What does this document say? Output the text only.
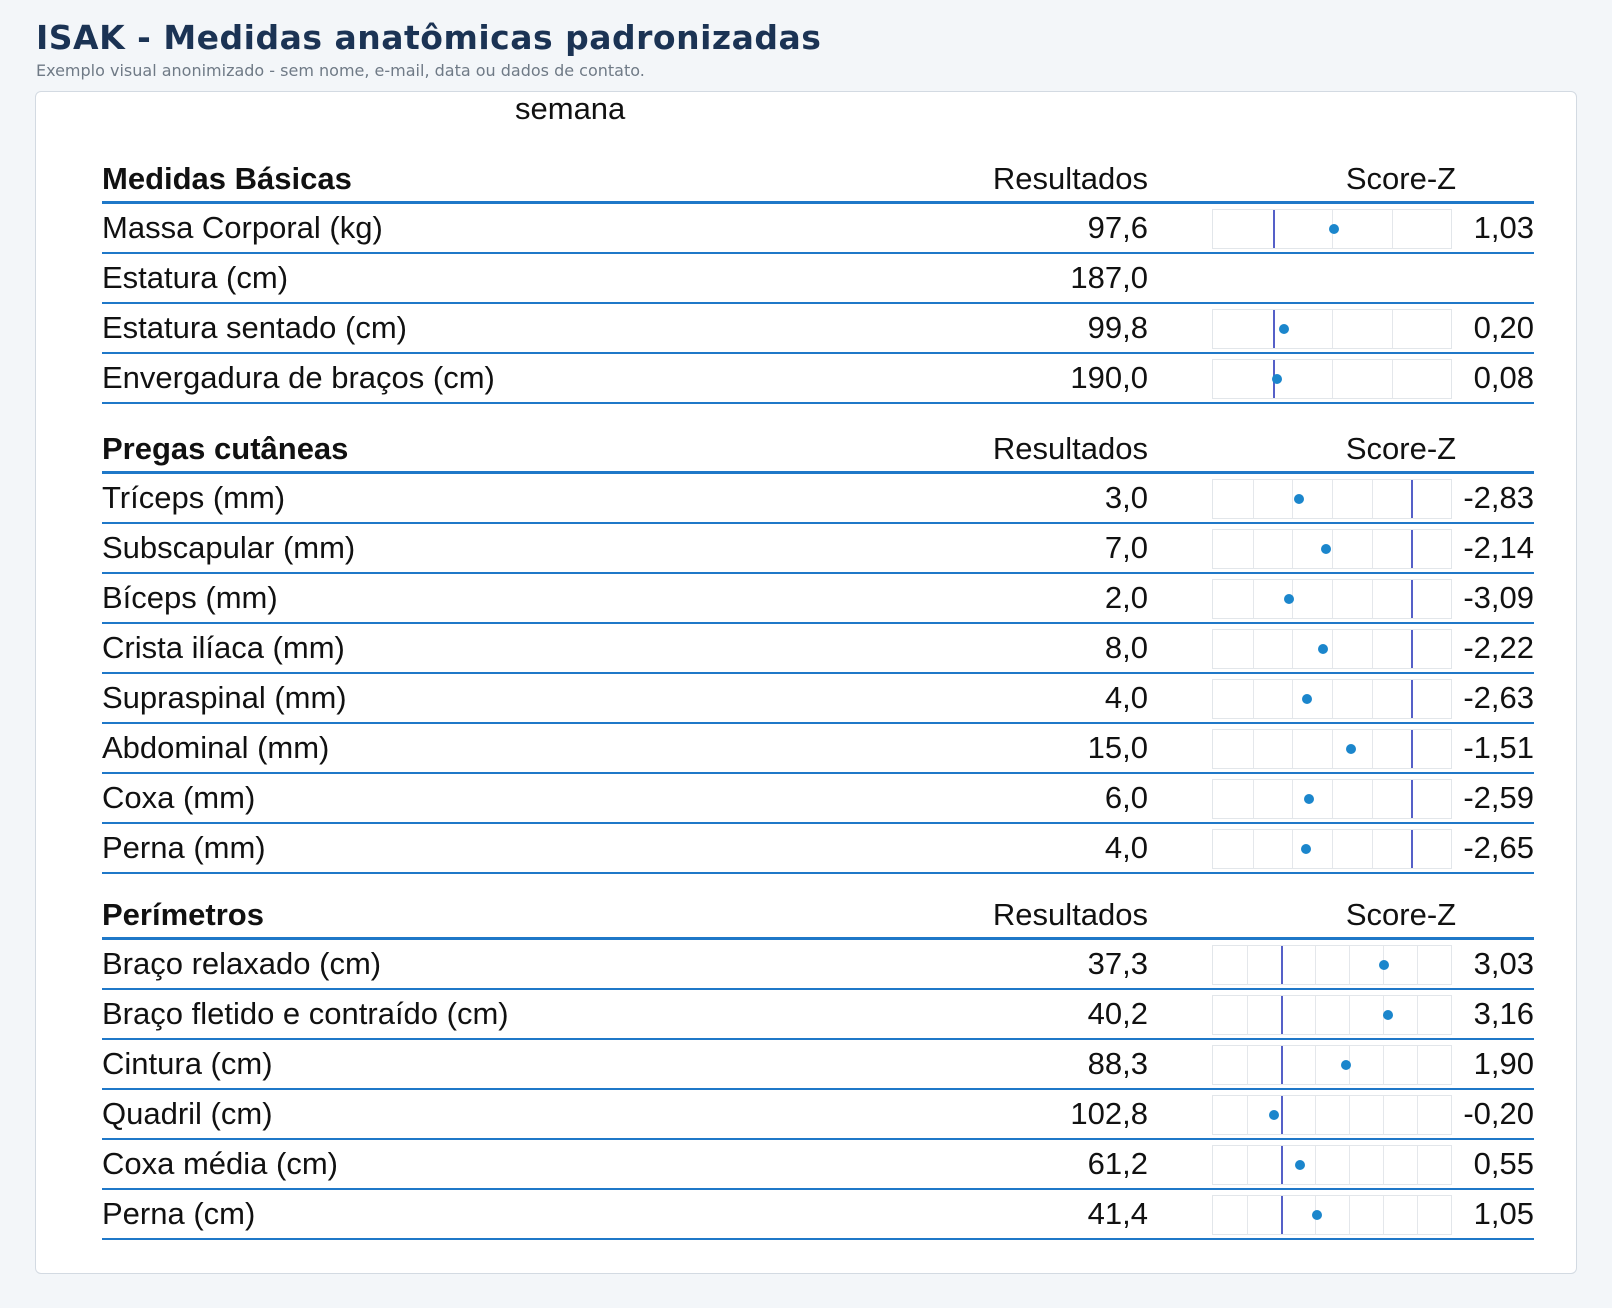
ISAK - Medidas anatômicas padronizadas
Exemplo visual anonimizado - sem nome, e-mail, data ou dados de contato.
semana
Medidas Básicas	Resultados	Score-Z
Massa Corporal (kg)	97,6	1,03
Estatura (cm)	187,0
Estatura sentado (cm)	99,8	0,20
Envergadura de braços (cm)	190,0	0,08
Pregas cutâneas	Resultados	Score-Z
Tríceps (mm)	3,0	-2,83
Subscapular (mm)	7,0	-2,14
Bíceps (mm)	2,0	-3,09
Crista ilíaca (mm)	8,0	-2,22
Supraspinal (mm)	4,0	-2,63
Abdominal (mm)	15,0	-1,51
Coxa (mm)	6,0	-2,59
Perna (mm)	4,0	-2,65
Perímetros	Resultados	Score-Z
Braço relaxado (cm)	37,3	3,03
Braço fletido e contraído (cm)	40,2	3,16
Cintura (cm)	88,3	1,90
Quadril (cm)	102,8	-0,20
Coxa média (cm)	61,2	0,55
Perna (cm)	41,4	1,05
